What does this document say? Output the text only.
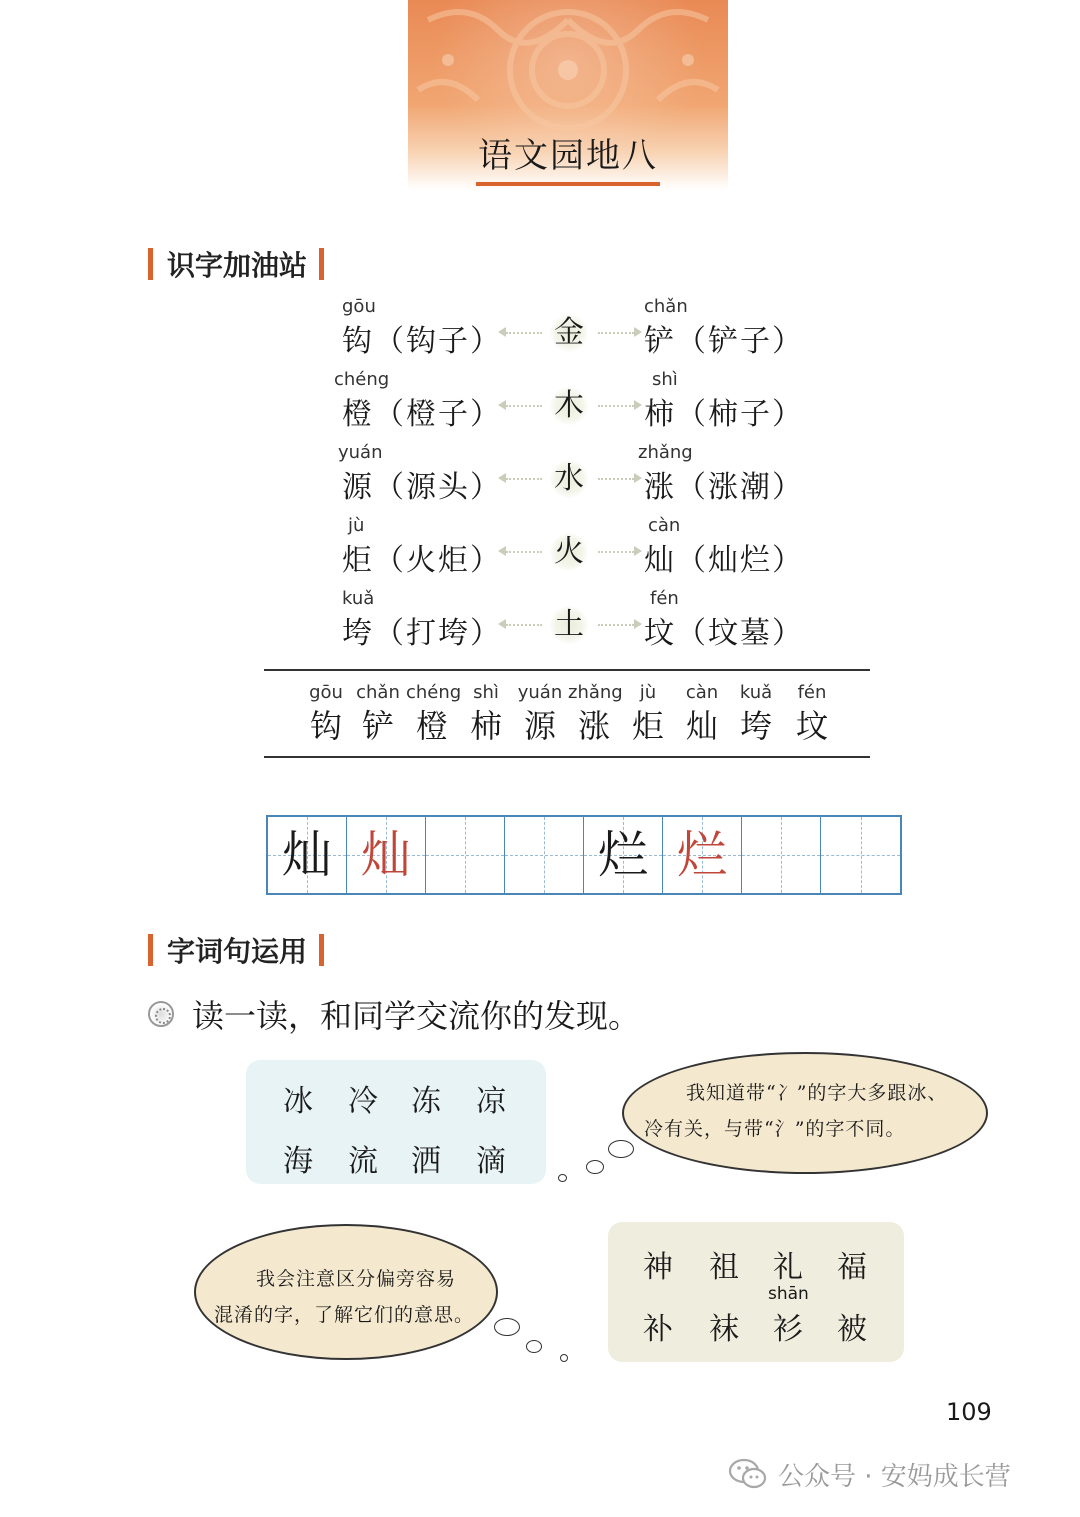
语文园地八
识字加油站
gōu
钩（钩子） 金
chǎn
铲（铲子）
chéng
橙（橙子） 木
shì
柿（柿子）
yuán
源（源头） 水
zhǎng
涨（涨潮）
jù
炬（火炬） 火
càn
灿（灿烂）
kuǎ
垮（打垮） 土
fén
坟（坟墓）
gōu
钩
chǎn
铲
chéng
橙
shì
柿
yuán
源
zhǎng
涨
jù
炬
càn
灿
kuǎ
垮
fén
坟
灿 灿	烂 烂
字词句运用
读一读，和同学交流你的发现。
冰 冷 冻 凉
海 流 洒 滴
我知道带“冫”的字大多跟冰、
冷有关，与带“氵”的字不同。
我会注意区分偏旁容易
混淆的字，了解它们的意思。
神 祖 礼 福
shān
补 袜 衫 被
109
公众号 · 安妈成长营
